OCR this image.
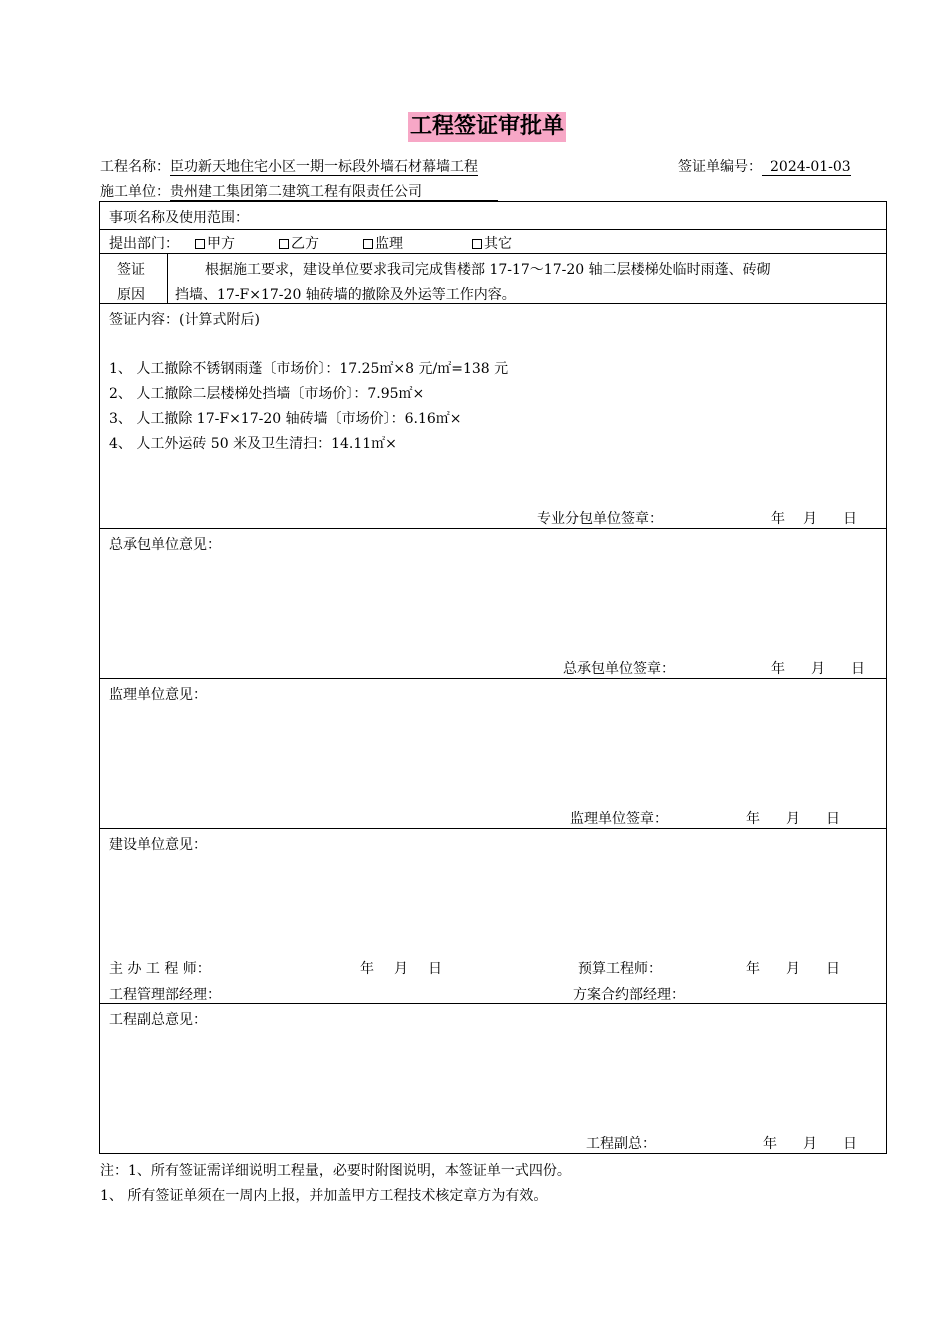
工程签证审批单
工程名称：臣功新天地住宅小区一期一标段外墙石材幕墙工程	签证单编号： 2024-01-03
施工单位：贵州建工集团第二建筑工程有限责任公司
事项名称及使用范围：
提出部门：	甲方	乙方	监理	其它
签证
原因
根据施工要求，建设单位要求我司完成售楼部 17-17～17-20 轴二层楼梯处临时雨蓬、砖砌
挡墙、17-F×17-20 轴砖墙的撤除及外运等工作内容。
签证内容：(计算式附后)
1、 人工撤除不锈钢雨蓬〔市场价〕：17.25㎡×8 元/㎡=138 元
2、 人工撤除二层楼梯处挡墙〔市场价〕：7.95㎡×
3、 人工撤除 17-F×17-20 轴砖墙〔市场价〕：6.16㎡×
4、 人工外运砖 50 米及卫生清扫：14.11㎡×
专业分包单位签章：	年 月 日
总承包单位意见：
总承包单位签章：	年 月 日
监理单位意见：
监理单位签章：	年 月 日
建设单位意见：
主 办 工 程 师：	年 月 日	预算工程师：	年 月 日
工程管理部经理：	方案合约部经理：
工程副总意见：
工程副总：	年 月 日
注：1、所有签证需详细说明工程量，必要时附图说明，本签证单一式四份。
1、 所有签证单须在一周内上报，并加盖甲方工程技术核定章方为有效。
